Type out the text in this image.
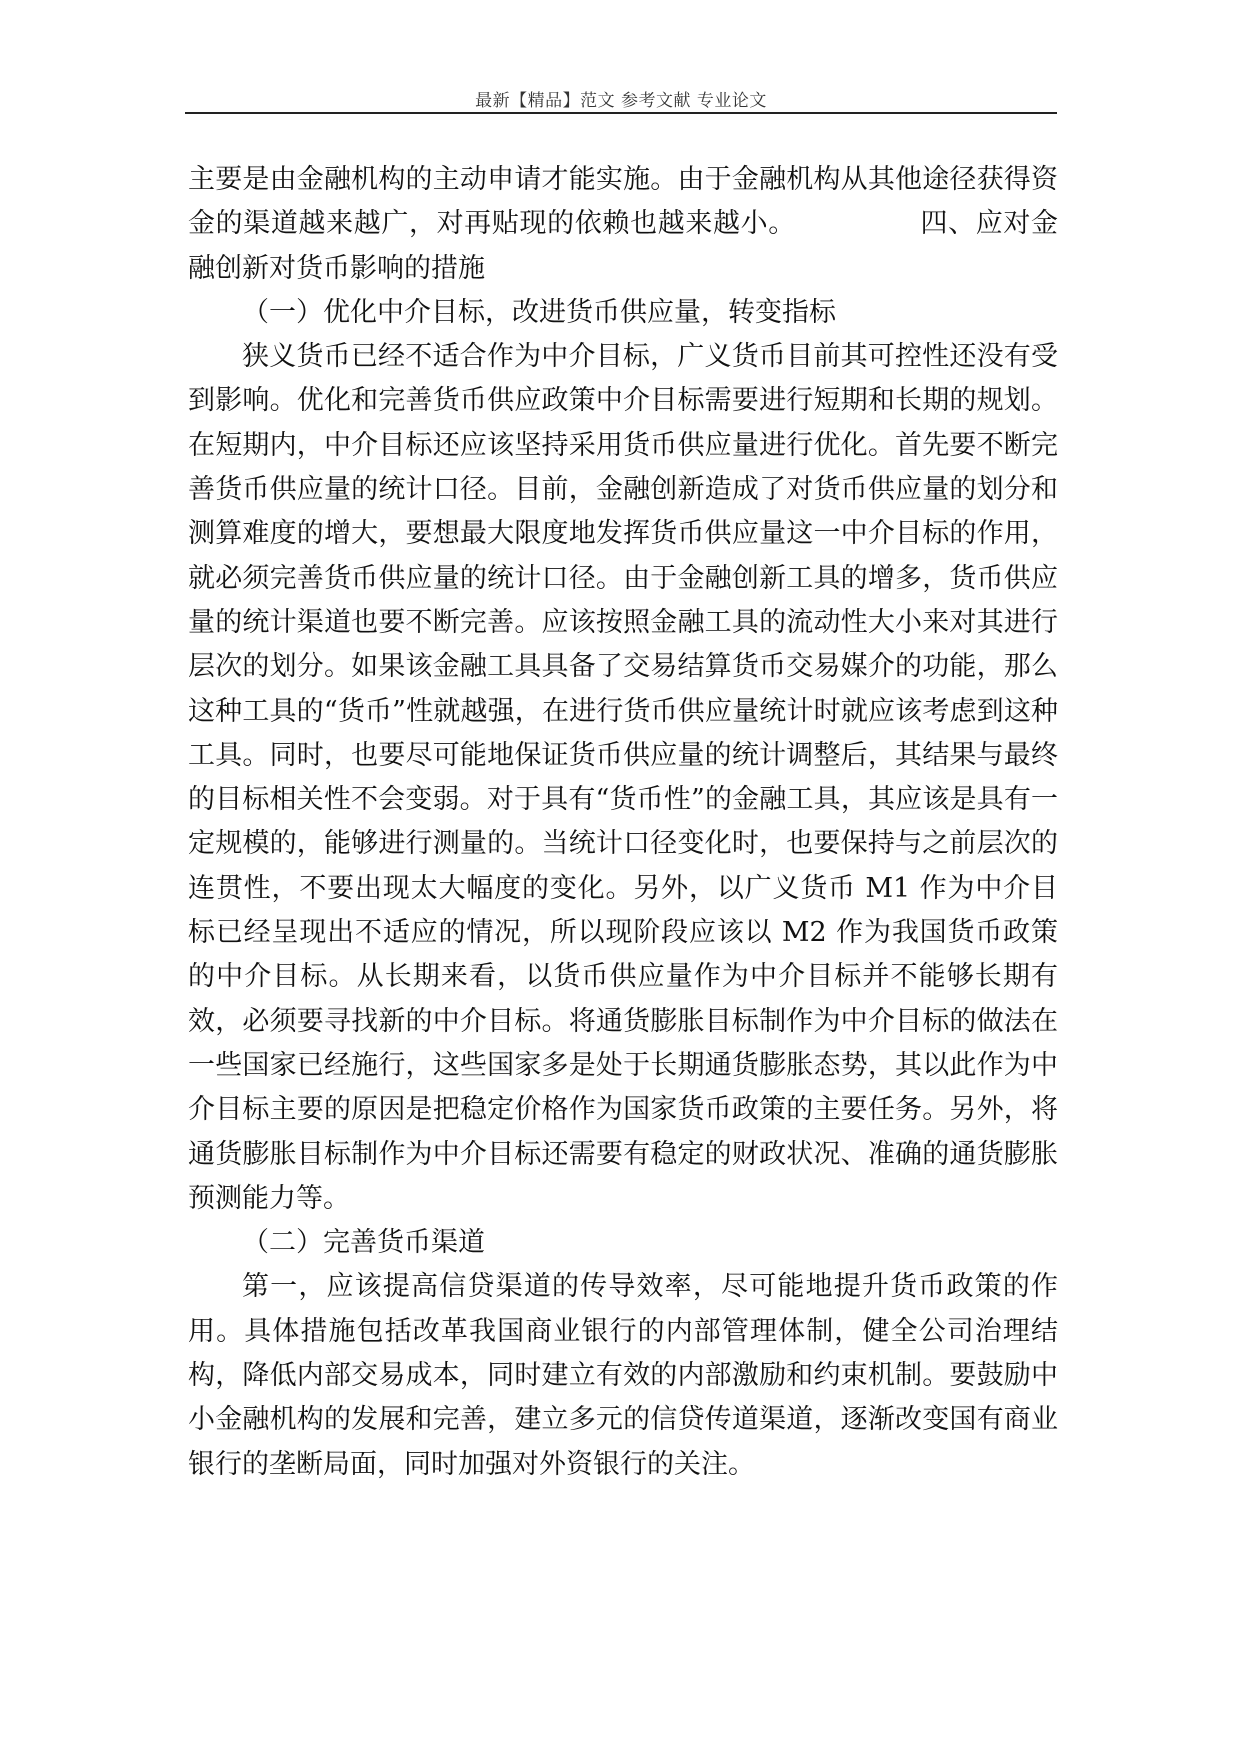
最新【精品】范文 参考文献 专业论文

主要是由金融机构的主动申请才能实施。由于金融机构从其他途径获得资金的渠道越来越广，对再贴现的依赖也越来越小。　　　　　四、应对金融创新对货币影响的措施

（一）优化中介目标，改进货币供应量，转变指标

狭义货币已经不适合作为中介目标，广义货币目前其可控性还没有受到影响。优化和完善货币供应政策中介目标需要进行短期和长期的规划。在短期内，中介目标还应该坚持采用货币供应量进行优化。首先要不断完善货币供应量的统计口径。目前，金融创新造成了对货币供应量的划分和测算难度的增大，要想最大限度地发挥货币供应量这一中介目标的作用，就必须完善货币供应量的统计口径。由于金融创新工具的增多，货币供应量的统计渠道也要不断完善。应该按照金融工具的流动性大小来对其进行层次的划分。如果该金融工具具备了交易结算货币交易媒介的功能，那么这种工具的“货币”性就越强，在进行货币供应量统计时就应该考虑到这种工具。同时，也要尽可能地保证货币供应量的统计调整后，其结果与最终的目标相关性不会变弱。对于具有“货币性”的金融工具，其应该是具有一定规模的，能够进行测量的。当统计口径变化时，也要保持与之前层次的连贯性，不要出现太大幅度的变化。另外，以广义货币 M1 作为中介目标已经呈现出不适应的情况，所以现阶段应该以 M2 作为我国货币政策的中介目标。从长期来看，以货币供应量作为中介目标并不能够长期有效，必须要寻找新的中介目标。将通货膨胀目标制作为中介目标的做法在一些国家已经施行，这些国家多是处于长期通货膨胀态势，其以此作为中介目标主要的原因是把稳定价格作为国家货币政策的主要任务。另外，将通货膨胀目标制作为中介目标还需要有稳定的财政状况、准确的通货膨胀预测能力等。

（二）完善货币渠道

第一，应该提高信贷渠道的传导效率，尽可能地提升货币政策的作用。具体措施包括改革我国商业银行的内部管理体制，健全公司治理结构，降低内部交易成本，同时建立有效的内部激励和约束机制。要鼓励中小金融机构的发展和完善，建立多元的信贷传道渠道，逐渐改变国有商业银行的垄断局面，同时加强对外资银行的关注。
